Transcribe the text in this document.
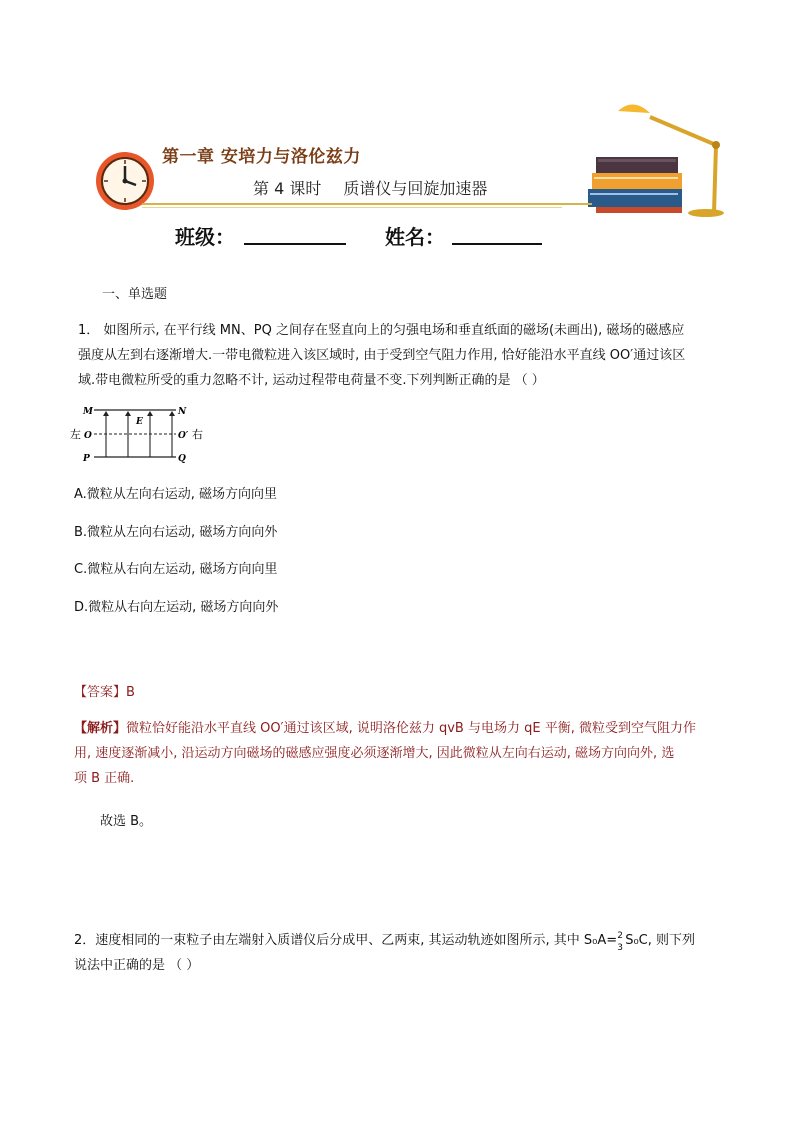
第一章 安培力与洛伦兹力
第 4 课时 质谱仪与回旋加速器
班级：	姓名：
一、单选题
1． 如图所示, 在平行线 MN、PQ 之间存在竖直向上的匀强电场和垂直纸面的磁场(未画出), 磁场的磁感应
强度从左到右逐渐增大.一带电微粒进入该区域时, 由于受到空气阻力作用, 恰好能沿水平直线 OO′通过该区
域.带电微粒所受的重力忽略不计, 运动过程带电荷量不变.下列判断正确的是 （ ）
M	N
左 O	O′ 右
E
P	Q
A.微粒从左向右运动, 磁场方向向里
B.微粒从左向右运动, 磁场方向向外
C.微粒从右向左运动, 磁场方向向里
D.微粒从右向左运动, 磁场方向向外
【答案】B
【解析】微粒恰好能沿水平直线 OO′通过该区域, 说明洛伦兹力 qvB 与电场力 qE 平衡, 微粒受到空气阻力作
用, 速度逐渐减小, 沿运动方向磁场的磁感应强度必须逐渐增大, 因此微粒从左向右运动, 磁场方向向外, 选
项 B 正确.
故选 B。
2．速度相同的一束粒子由左端射入质谱仪后分成甲、乙两束, 其运动轨迹如图所示, 其中 S₀A= 2
3 S₀C, 则下列
说法中正确的是 （ ）
